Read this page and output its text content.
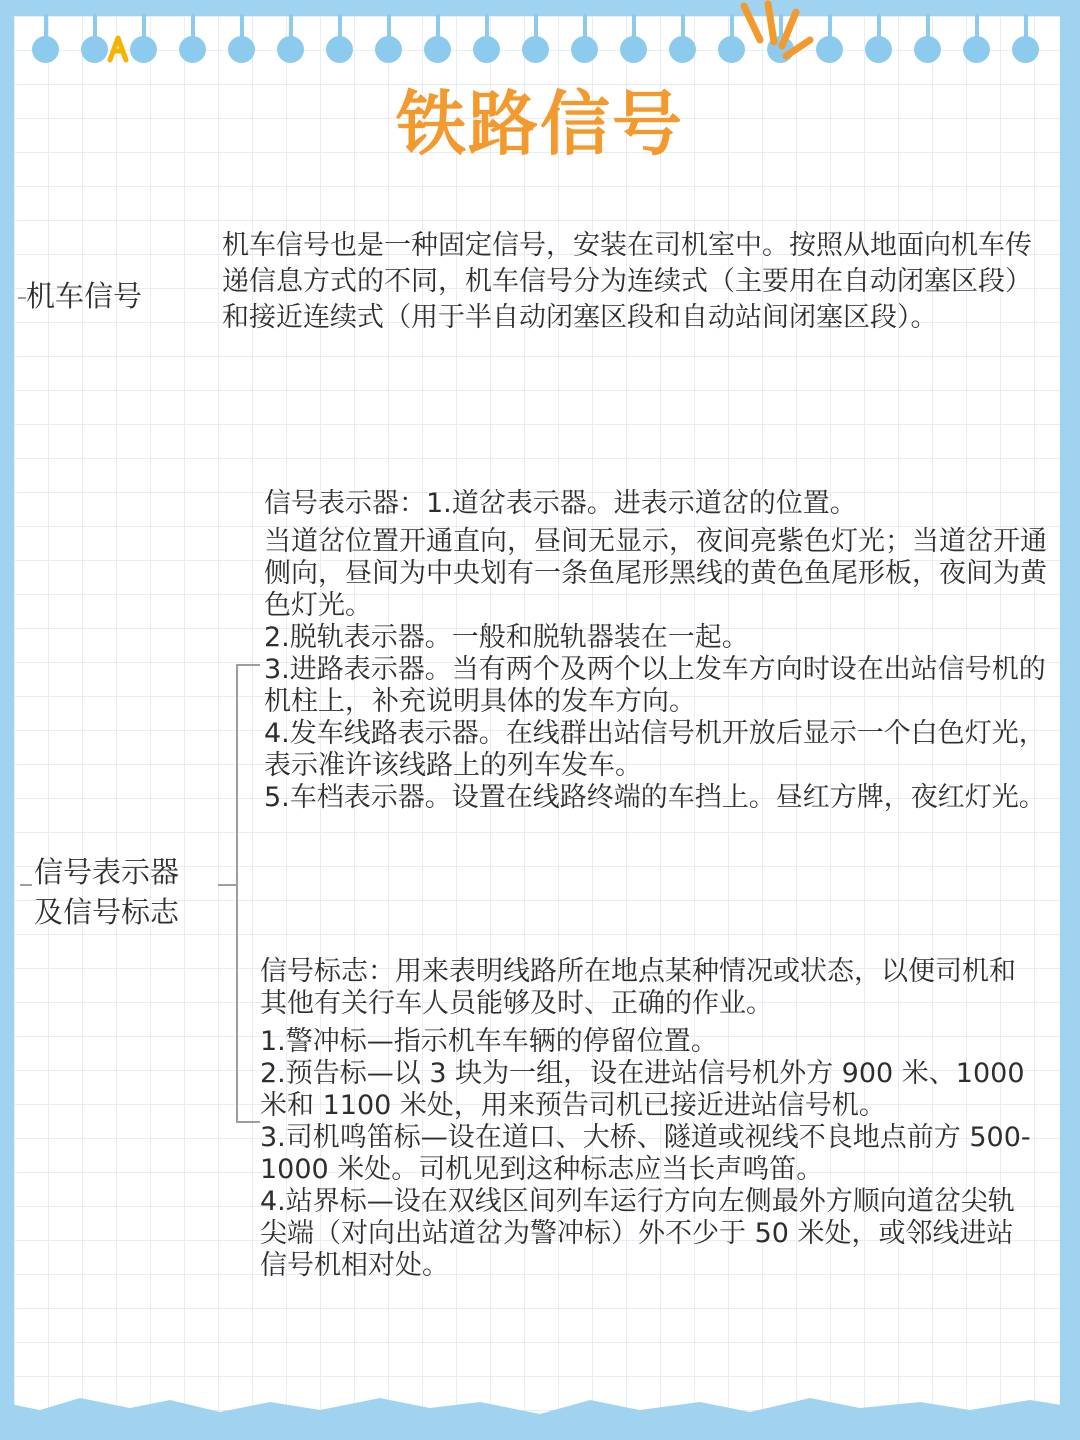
铁路信号
机车信号
机车信号也是一种固定信号，安装在司机室中。按照从地面向机车传递信息方式的不同，机车信号分为连续式（主要用在自动闭塞区段）和接近连续式（用于半自动闭塞区段和自动站间闭塞区段）。
信号表示器
及信号标志

信号表示器：1.道岔表示器。进表示道岔的位置。

当道岔位置开通直向，昼间无显示，夜间亮紫色灯光；当道岔开通侧向，昼间为中央划有一条鱼尾形黑线的黄色鱼尾形板，夜间为黄色灯光。

2.脱轨表示器。一般和脱轨器装在一起。

3.进路表示器。当有两个及两个以上发车方向时设在出站信号机的机柱上，补充说明具体的发车方向。

4.发车线路表示器。在线群出站信号机开放后显示一个白色灯光，表示准许该线路上的列车发车。

5.车档表示器。设置在线路终端的车挡上。昼红方牌，夜红灯光。

信号标志：用来表明线路所在地点某种情况或状态，以便司机和其他有关行车人员能够及时、正确的作业。

1.警冲标—指示机车车辆的停留位置。

2.预告标—以 3 块为一组，设在进站信号机外方 900 米、1000 米和 1100 米处，用来预告司机已接近进站信号机。

3.司机鸣笛标—设在道口、大桥、隧道或视线不良地点前方 500-1000 米处。司机见到这种标志应当长声鸣笛。

4.站界标—设在双线区间列车运行方向左侧最外方顺向道岔尖轨尖端（对向出站道岔为警冲标）外不少于 50 米处，或邻线进站信号机相对处。
